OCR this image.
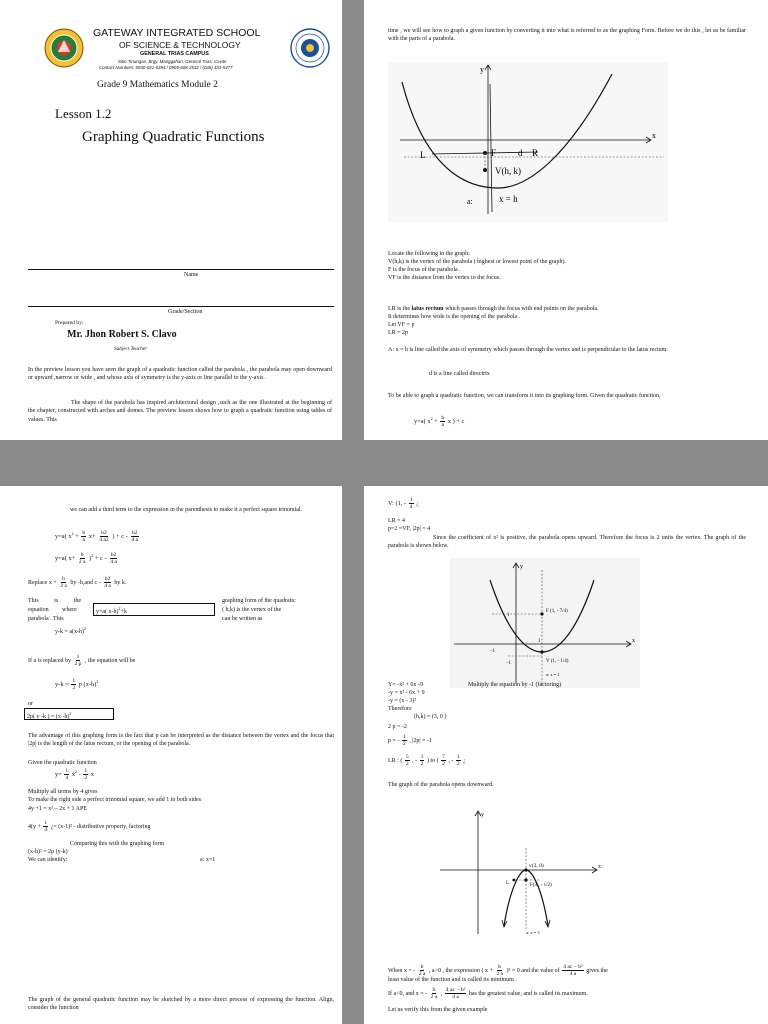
GATEWAY INTEGRATED SCHOOL
OF SCIENCE & TECHNOLOGY
GENERAL TRIAS CAMPUS
Sitio Tinungan, Brgy. Manggahan, General Trias, Cavite
Contact Numbers: 0930-021-0394 / 0905-608-2532 / (046) 433-5477
Grade 9 Mathematics Module 2
Lesson 1.2
Graphing Quadratic Functions
Name
Grade/Section
Prepared by:
Mr. Jhon Robert S. Clavo
Subject Teacher
In the preview lesson you have seen the graph of a quadratic function called the parabola , the parabola may open downward or upward ,narrow or wide , and whose axis of symmetry is the y-axis or line parallel to the y-axis .
The shape of the parabola has inspired architectural design ,such as the one illustrated at the beginning of the chapter, constructed with arches and domes. The preview lesson shows how to graph a quadratic function using tables of values. This
time , we will see how to graph a given function by converting it into what is referred to as the graphing Form. Before we do this , let us be familiar with the parts of a parabola.
x
y
F
L	d R
V(h, k)
a:	x = h
Locate the following in the graph:
V(h,k) is the vertex of the parabola ( highest or lowest point of the graph).
F is the focus of the parabola .
VF is the distance from the vertex to the focus.
LR is the latus rectum which passes through the focus with end points on the parabola.
It determines how wide is the opening of the parabola .
Let VF = p
LR = 2p
A: x = h is line called the axis of symmetry which passes through the vertex and is perpendicular to the latus rectum.
d is a line called directrix
To be able to graph a quadratic function, we can transform it into its graphing form. Given the quadratic function,
y=a( $x^2 + \frac{b}{a}$ x ) + c
we can add a third term to the expression in the parenthesis to make it a perfect square trinomial.
y=a( $x^2 + \frac{b}{a} x+ \frac{b2}{4 a2}$ ) + c - $\frac{b2}{4 a}$
y=a( $x+ \frac{b}{2 a} )^2 + c - \frac{b2}{4 a}$
Replace $x + \frac{b}{2 a}$ by -h,and c - $\frac{b2}{4 a}$ by k.
This is the
equation where
parabola . This
y=a( x-h)$^2$+k
graphing form of the quadratic
( h,k) is the vertex of the
can be written as
$y-k = a(x-h)^2$
If a is replaced by $\frac{1}{2 p}$ , the equation will be
$y-k = \frac{1}{2}$ p $(x-h)^2$
or
2p( y -k ) = (x -h)$^2$
The advantage of this graphing form is the fact that p can be interpreted as the distance between the vertex and the focus that |2p| is the length of the latus rectum, or the opening of the parabola.
Given the quadratic function
$y= \frac{1}{4} x^2 - \frac{1}{2}$ x
Multiply all terms by 4 gives
To make the right side a perfect trinomial square, we add 1 to both sides
4y +1 = x² – 2x + 1 APE
$4(y + \frac{1}{4}$ ¿= (x-1)² - distributive property, factoring
Comparing this with the graphing form
(x-h)² = 2p (y-k)
We can identify:	a: x=1
The graph of the general quadratic function may be sketched by a more direct process of expressing the function. Align, consider the function
V: (1, - $\frac{1}{4}$ ¿
LR = 4
p=2 =VF, |2p| = 4
Since the coefficient of x² is positive, the parabola opens upward. Therefore the focus is 2 units the vertex. The graph of the parabola is shown below.
y
x
1
–1
–1
1
F (1, - 7/4)
V (1, - 1/4)
a: x = 1
Y= -x² + 6x -9
-y = x² - 6x + 9
Multiply the equation by -1 (factoring)
-y = (x - 3)²
Therefore
(h,k) = (3, 0 )
2 p = -2
p = - $\frac{1}{2}$ , |2p| = -1
LR : ( $\frac{5}{2}$ , - $\frac{1}{2}$ ) to ( $\frac{7}{2}$ , - $\frac{1}{2}$ ¿
The graph of the parabola opens downward.
y
x
v(3, 0)
L	F(3 , - 1/2)
a: x = 3
When x = - $\frac{b}{2 a}$ , a>0 , the expression ( $x + \frac{b}{2 a} )^2 = 0$ and the value of $\frac{\text{4 ac − b²}}{4 a}$ gives the
least value of the function and is called its minimum .
If a<0, and x = - $\frac{b}{2 a}$ , $\frac{\text{4 ac − b²}}{4 a}$ has the greatest value, and is called its maximum.
Let us verify this from the given example
